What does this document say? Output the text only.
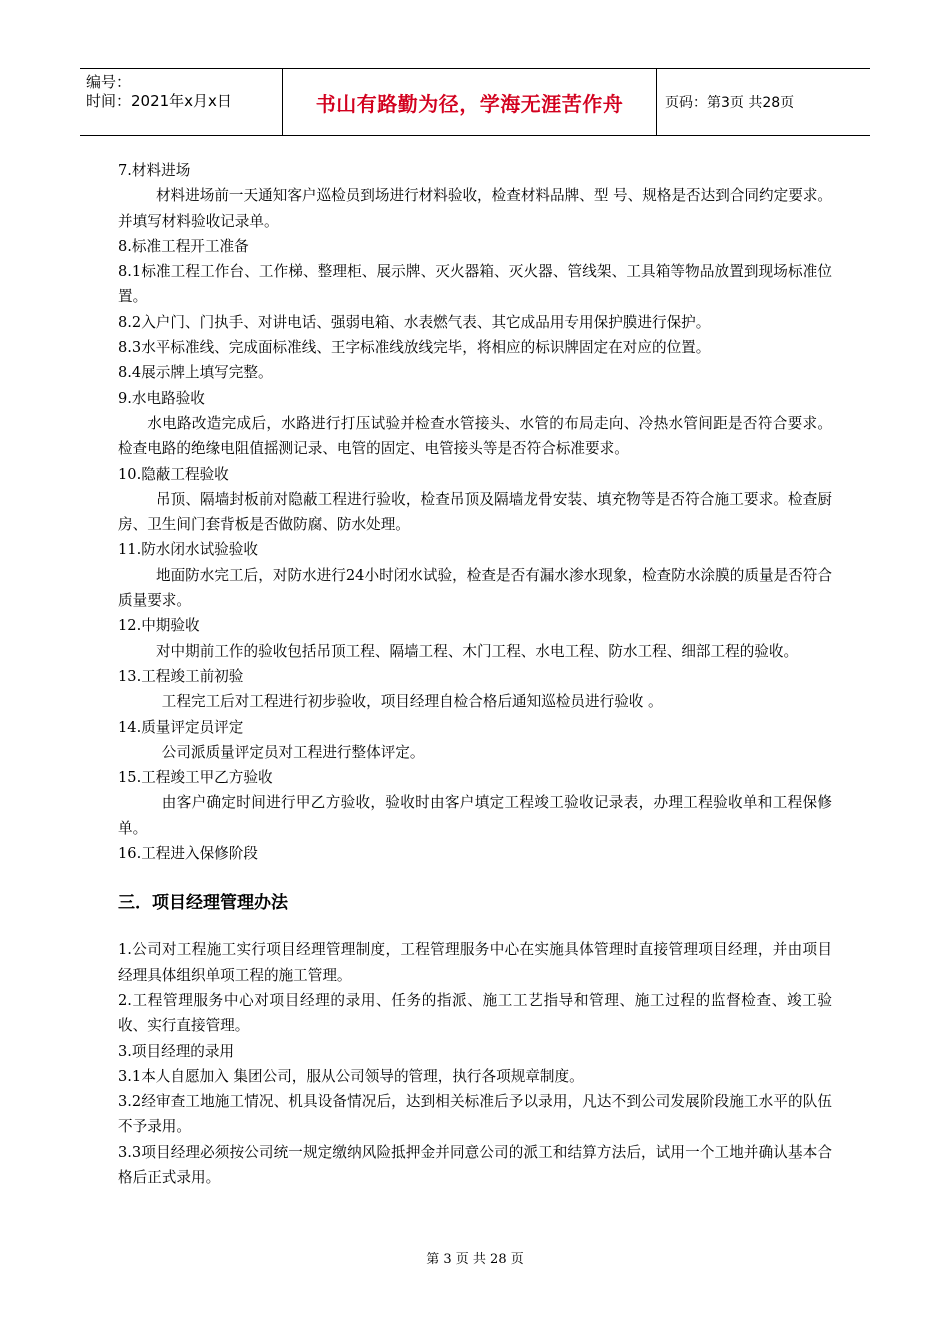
编号：
时间：2021年x月x日	书山有路勤为径，学海无涯苦作舟	页码：第3页 共28页
7.材料进场
材料进场前一天通知客户巡检员到场进行材料验收，检查材料品牌、型 号、规格是否达到合同约定要求。并填写材料验收记录单。
8.标准工程开工准备
8.1标准工程工作台、工作梯、整理柜、展示牌、灭火器箱、灭火器、管线架、工具箱等物品放置到现场标准位置。
8.2入户门、门执手、对讲电话、强弱电箱、水表燃气表、其它成品用专用保护膜进行保护。
8.3水平标准线、完成面标准线、王字标准线放线完毕，将相应的标识牌固定在对应的位置。
8.4展示牌上填写完整。
9.水电路验收
水电路改造完成后，水路进行打压试验并检查水管接头、水管的布局走向、冷热水管间距是否符合要求。检查电路的绝缘电阻值摇测记录、电管的固定、电管接头等是否符合标准要求。
10.隐蔽工程验收
吊顶、隔墙封板前对隐蔽工程进行验收，检查吊顶及隔墙龙骨安装、填充物等是否符合施工要求。检查厨房、卫生间门套背板是否做防腐、防水处理。
11.防水闭水试验验收
地面防水完工后，对防水进行24小时闭水试验，检查是否有漏水渗水现象，检查防水涂膜的质量是否符合质量要求。
12.中期验收
对中期前工作的验收包括吊顶工程、隔墙工程、木门工程、水电工程、防水工程、细部工程的验收。
13.工程竣工前初验
工程完工后对工程进行初步验收，项目经理自检合格后通知巡检员进行验收 。
14.质量评定员评定
公司派质量评定员对工程进行整体评定。
15.工程竣工甲乙方验收
由客户确定时间进行甲乙方验收，验收时由客户填定工程竣工验收记录表，办理工程验收单和工程保修单。
16.工程进入保修阶段
三．项目经理管理办法
1.公司对工程施工实行项目经理管理制度，工程管理服务中心在实施具体管理时直接管理项目经理，并由项目经理具体组织单项工程的施工管理。
2.工程管理服务中心对项目经理的录用、任务的指派、施工工艺指导和管理、施工过程的监督检查、竣工验收、实行直接管理。
3.项目经理的录用
3.1本人自愿加入 集团公司，服从公司领导的管理，执行各项规章制度。
3.2经审查工地施工情况、机具设备情况后，达到相关标准后予以录用，凡达不到公司发展阶段施工水平的队伍不予录用。
3.3项目经理必须按公司统一规定缴纳风险抵押金并同意公司的派工和结算方法后，试用一个工地并确认基本合格后正式录用。
第 3 页 共 28 页
